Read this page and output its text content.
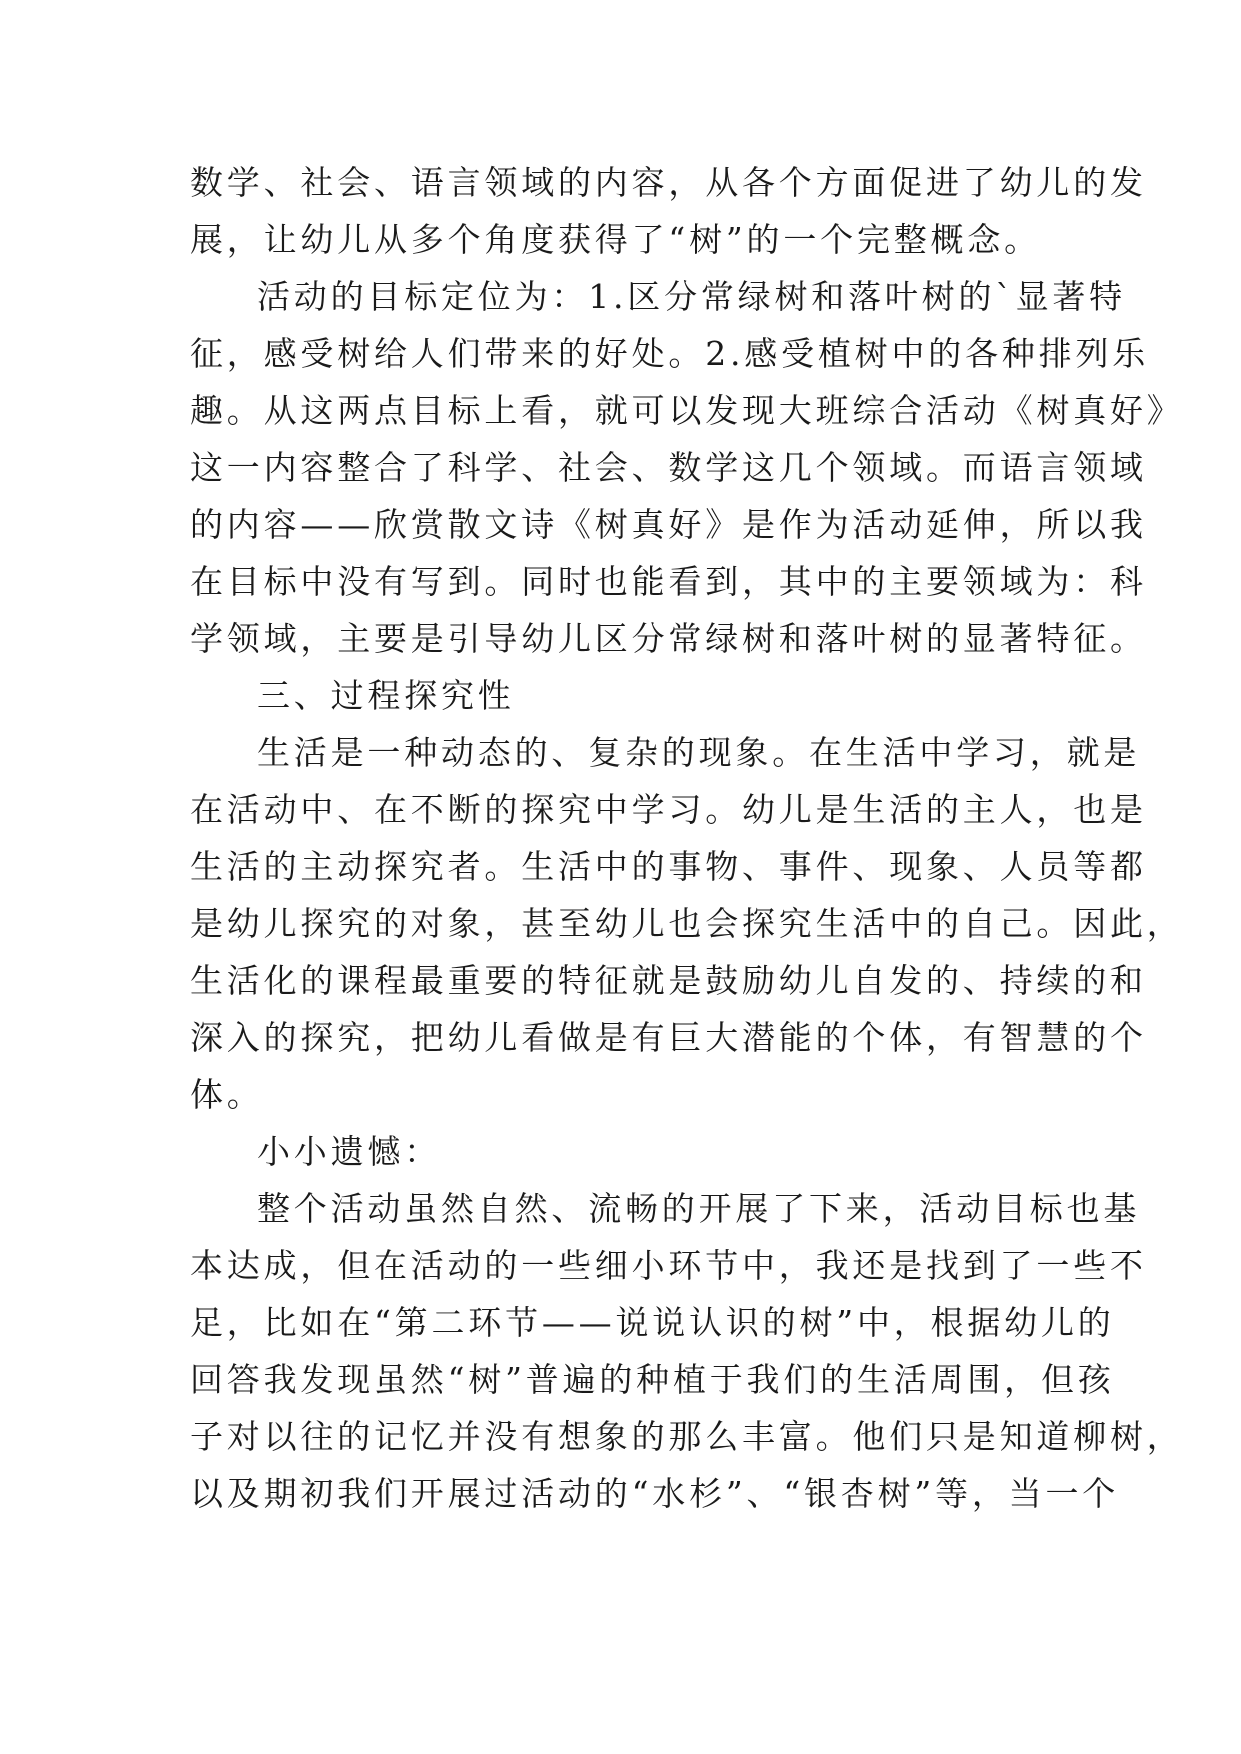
数学、社会、语言领域的内容，从各个方面促进了幼儿的发
展，让幼儿从多个角度获得了“树”的一个完整概念。
活动的目标定位为：1.区分常绿树和落叶树的`显著特
征，感受树给人们带来的好处。2.感受植树中的各种排列乐
趣。从这两点目标上看，就可以发现大班综合活动《树真好》
这一内容整合了科学、社会、数学这几个领域。而语言领域
的内容——欣赏散文诗《树真好》是作为活动延伸，所以我
在目标中没有写到。同时也能看到，其中的主要领域为：科
学领域，主要是引导幼儿区分常绿树和落叶树的显著特征。
三、过程探究性
生活是一种动态的、复杂的现象。在生活中学习，就是
在活动中、在不断的探究中学习。幼儿是生活的主人，也是
生活的主动探究者。生活中的事物、事件、现象、人员等都
是幼儿探究的对象，甚至幼儿也会探究生活中的自己。因此，
生活化的课程最重要的特征就是鼓励幼儿自发的、持续的和
深入的探究，把幼儿看做是有巨大潜能的个体，有智慧的个
体。
小小遗憾：
整个活动虽然自然、流畅的开展了下来，活动目标也基
本达成，但在活动的一些细小环节中，我还是找到了一些不
足，比如在“第二环节——说说认识的树”中，根据幼儿的
回答我发现虽然“树”普遍的种植于我们的生活周围，但孩
子对以往的记忆并没有想象的那么丰富。他们只是知道柳树，
以及期初我们开展过活动的“水杉”、“银杏树”等，当一个
